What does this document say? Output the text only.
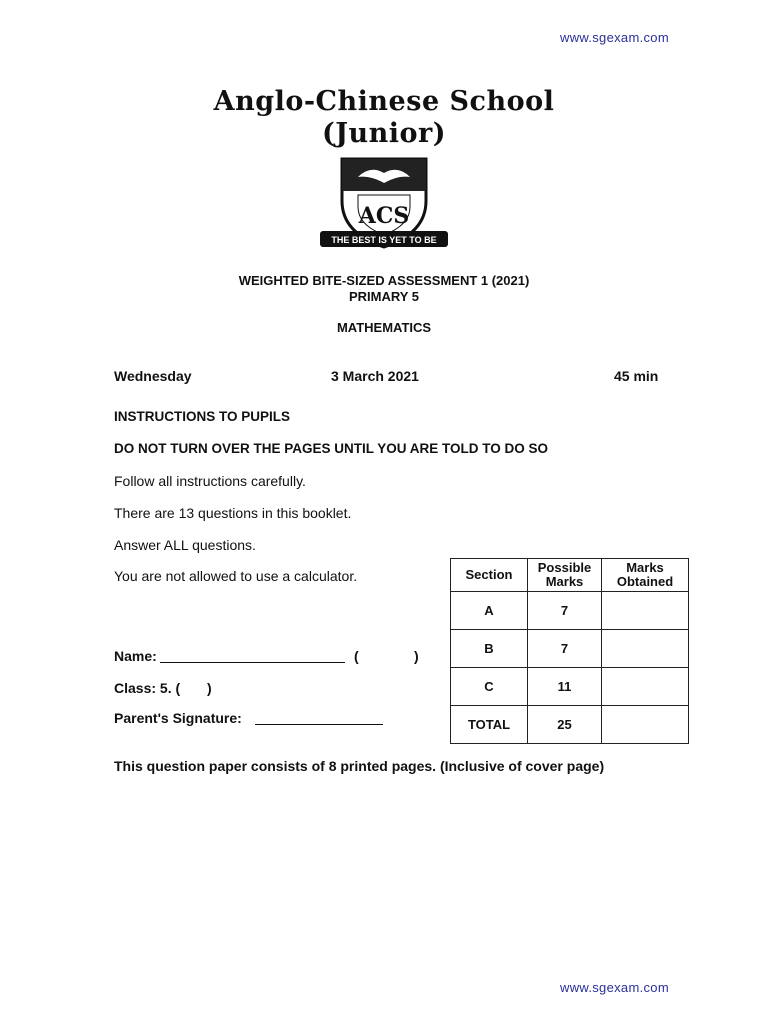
www.sgexam.com
Anglo-Chinese School
(Junior)
ACS
THE BEST IS YET TO BE
WEIGHTED BITE-SIZED ASSESSMENT 1 (2021)
PRIMARY 5
MATHEMATICS
Wednesday	3 March 2021	45 min
INSTRUCTIONS TO PUPILS
DO NOT TURN OVER THE PAGES UNTIL YOU ARE TOLD TO DO SO
Follow all instructions carefully.
There are 13 questions in this booklet.
Answer ALL questions.
You are not allowed to use a calculator.
Name:	(	)
Class: 5. ( )
Parent's Signature:
Section	Possible Marks	Marks Obtained
A	7	
B	7	
C	11	
TOTAL	25	
This question paper consists of 8 printed pages. (Inclusive of cover page)
www.sgexam.com
